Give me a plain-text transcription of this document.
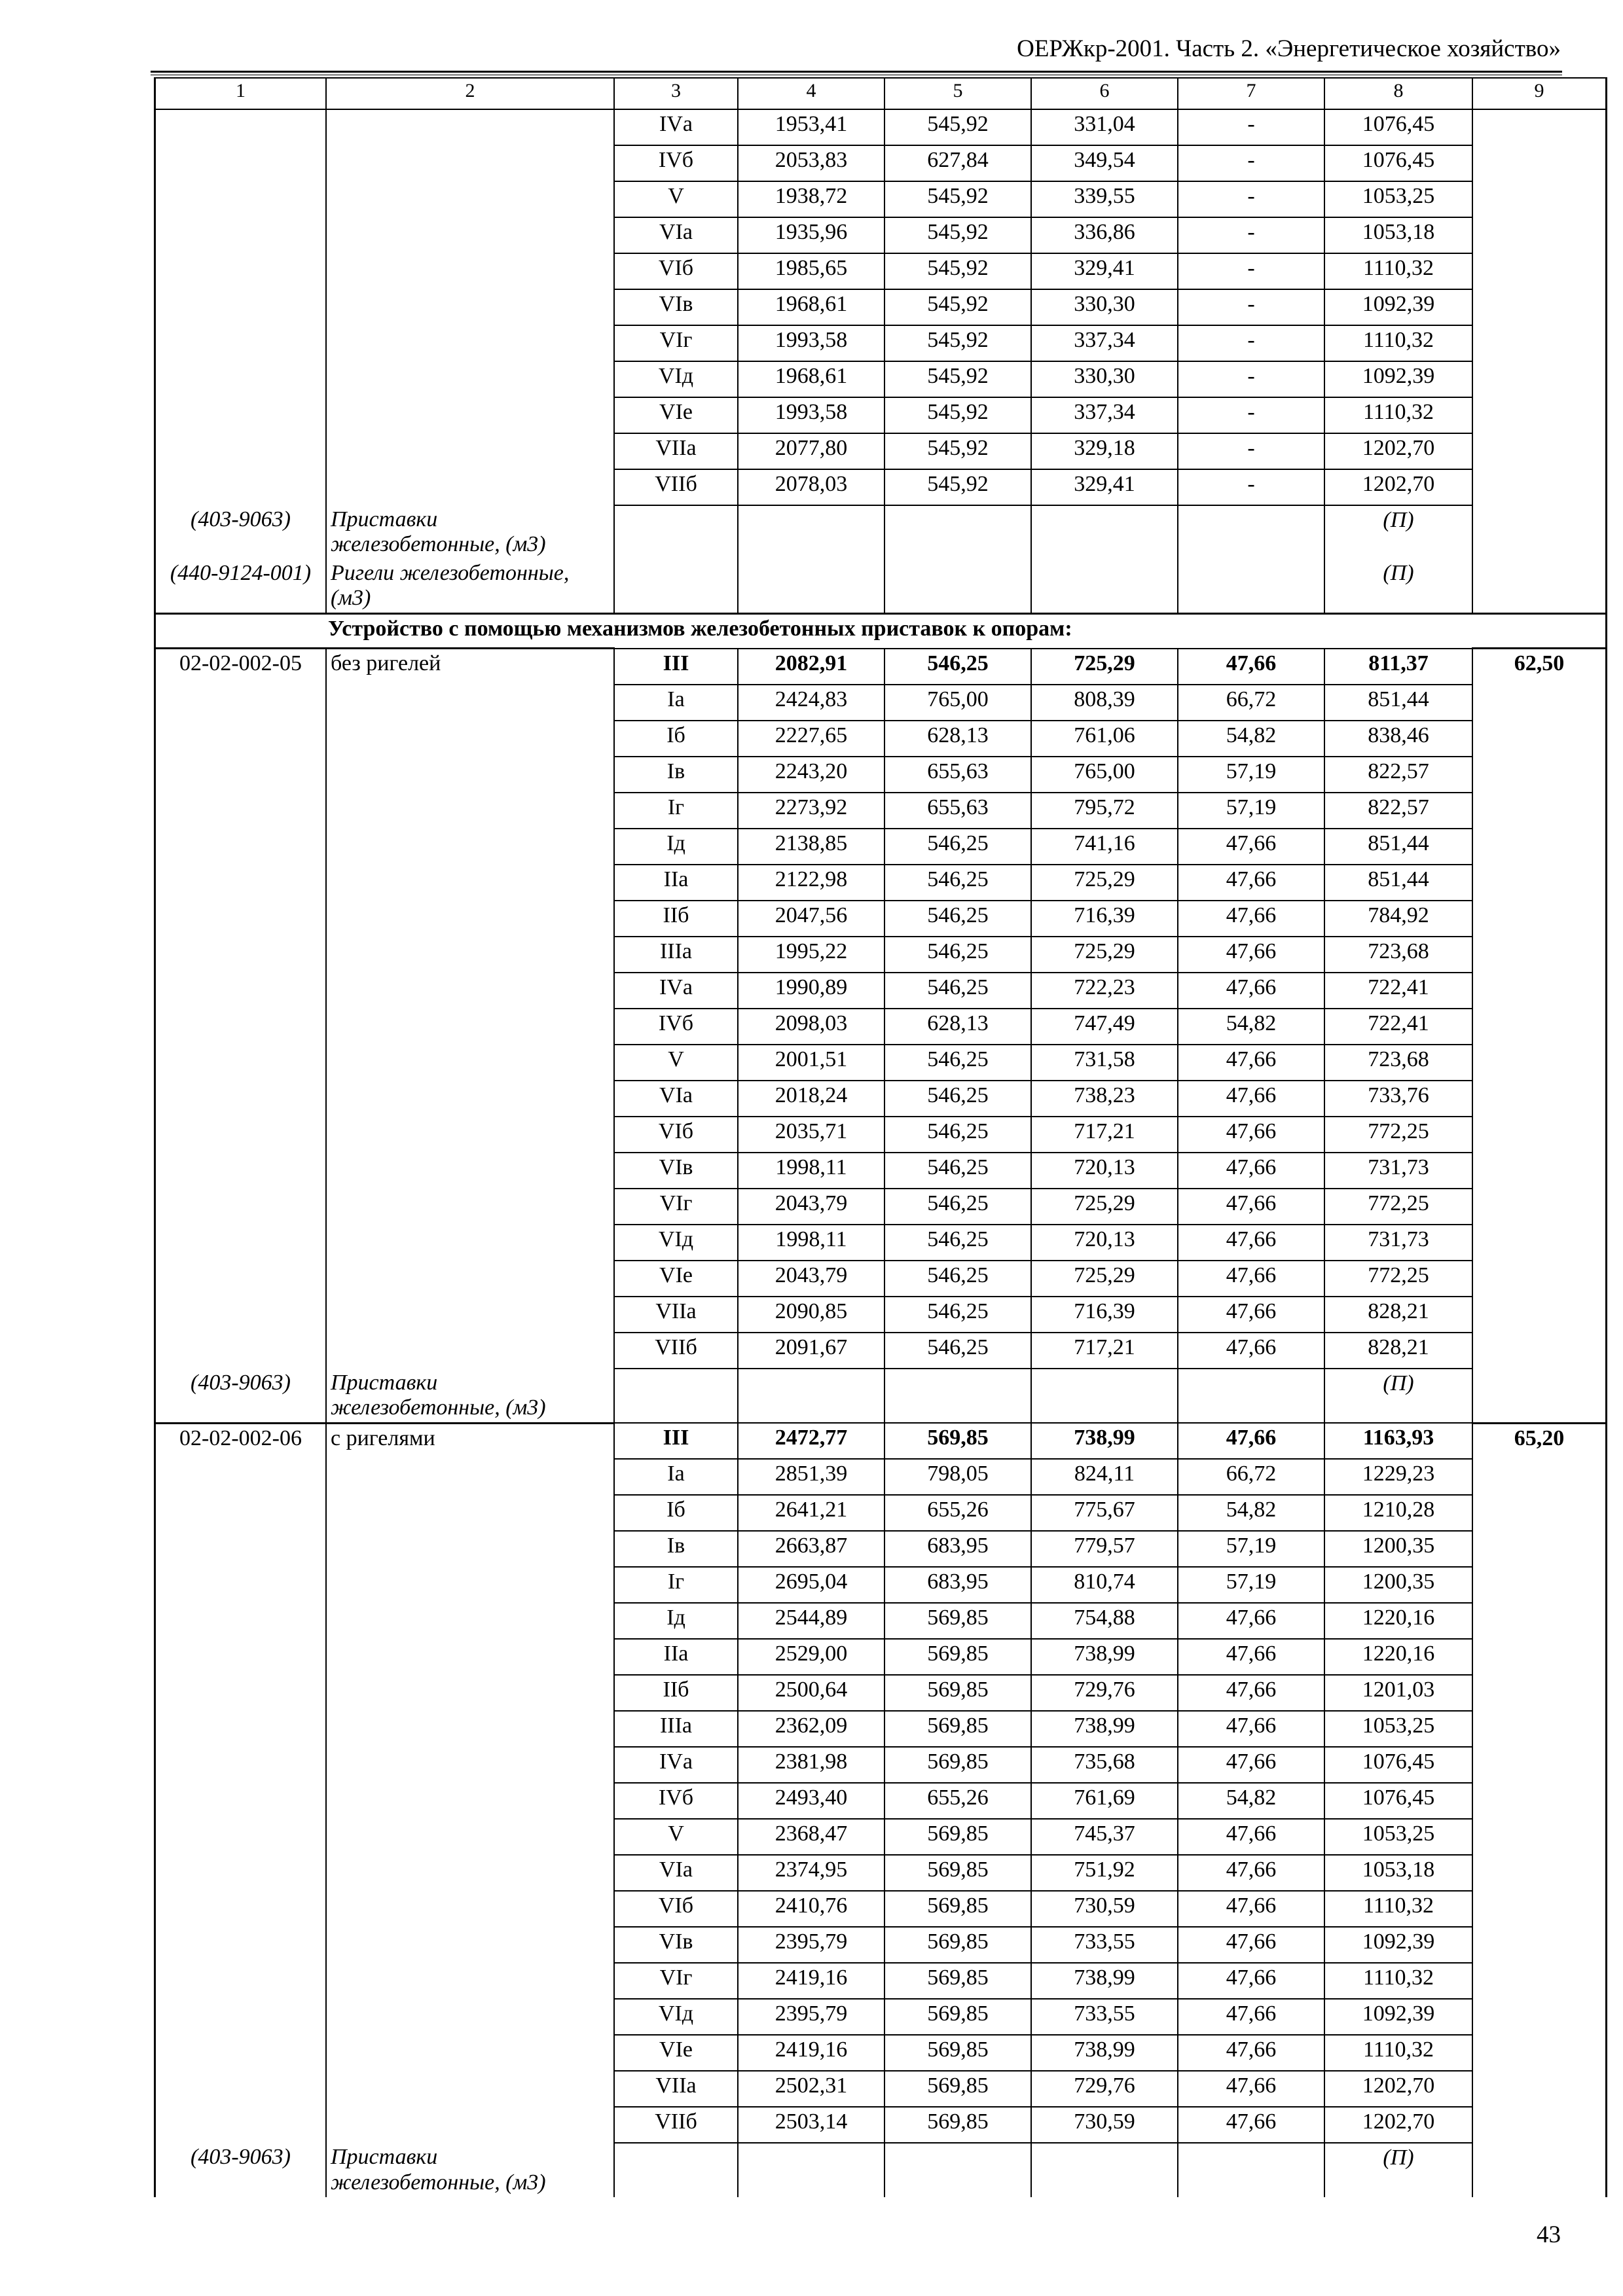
ОЕРЖкр-2001. Часть 2. «Энергетическое хозяйство»
1	2	3	4	5	6	7	8	9
		IVа	1953,41	545,92	331,04	-	1076,45	
		IVб	2053,83	627,84	349,54	-	1076,45	
		V	1938,72	545,92	339,55	-	1053,25	
		VIа	1935,96	545,92	336,86	-	1053,18	
		VIб	1985,65	545,92	329,41	-	1110,32	
		VIв	1968,61	545,92	330,30	-	1092,39	
		VIг	1993,58	545,92	337,34	-	1110,32	
		VIд	1968,61	545,92	330,30	-	1092,39	
		VIе	1993,58	545,92	337,34	-	1110,32	
		VIIа	2077,80	545,92	329,18	-	1202,70	
		VIIб	2078,03	545,92	329,41	-	1202,70	
(403-9063)	Приставки железобетонные, (м3)						(П)	
(440-9124-001)	Ригели железобетонные, (м3)						(П)	
Устройство с помощью механизмов железобетонных приставок к опорам:								
02-02-002-05	без ригелей	III	2082,91	546,25	725,29	47,66	811,37	62,50
		Iа	2424,83	765,00	808,39	66,72	851,44	
		Iб	2227,65	628,13	761,06	54,82	838,46	
		Iв	2243,20	655,63	765,00	57,19	822,57	
		Iг	2273,92	655,63	795,72	57,19	822,57	
		Iд	2138,85	546,25	741,16	47,66	851,44	
		IIа	2122,98	546,25	725,29	47,66	851,44	
		IIб	2047,56	546,25	716,39	47,66	784,92	
		IIIа	1995,22	546,25	725,29	47,66	723,68	
		IVа	1990,89	546,25	722,23	47,66	722,41	
		IVб	2098,03	628,13	747,49	54,82	722,41	
		V	2001,51	546,25	731,58	47,66	723,68	
		VIа	2018,24	546,25	738,23	47,66	733,76	
		VIб	2035,71	546,25	717,21	47,66	772,25	
		VIв	1998,11	546,25	720,13	47,66	731,73	
		VIг	2043,79	546,25	725,29	47,66	772,25	
		VIд	1998,11	546,25	720,13	47,66	731,73	
		VIе	2043,79	546,25	725,29	47,66	772,25	
		VIIа	2090,85	546,25	716,39	47,66	828,21	
		VIIб	2091,67	546,25	717,21	47,66	828,21	
(403-9063)	Приставки железобетонные, (м3)						(П)	
02-02-002-06	с ригелями	III	2472,77	569,85	738,99	47,66	1163,93	65,20
		Iа	2851,39	798,05	824,11	66,72	1229,23	
		Iб	2641,21	655,26	775,67	54,82	1210,28	
		Iв	2663,87	683,95	779,57	57,19	1200,35	
		Iг	2695,04	683,95	810,74	57,19	1200,35	
		Iд	2544,89	569,85	754,88	47,66	1220,16	
		IIа	2529,00	569,85	738,99	47,66	1220,16	
		IIб	2500,64	569,85	729,76	47,66	1201,03	
		IIIа	2362,09	569,85	738,99	47,66	1053,25	
		IVа	2381,98	569,85	735,68	47,66	1076,45	
		IVб	2493,40	655,26	761,69	54,82	1076,45	
		V	2368,47	569,85	745,37	47,66	1053,25	
		VIа	2374,95	569,85	751,92	47,66	1053,18	
		VIб	2410,76	569,85	730,59	47,66	1110,32	
		VIв	2395,79	569,85	733,55	47,66	1092,39	
		VIг	2419,16	569,85	738,99	47,66	1110,32	
		VIд	2395,79	569,85	733,55	47,66	1092,39	
		VIе	2419,16	569,85	738,99	47,66	1110,32	
		VIIа	2502,31	569,85	729,76	47,66	1202,70	
		VIIб	2503,14	569,85	730,59	47,66	1202,70	
(403-9063)	Приставки железобетонные, (м3)						(П)	
43
